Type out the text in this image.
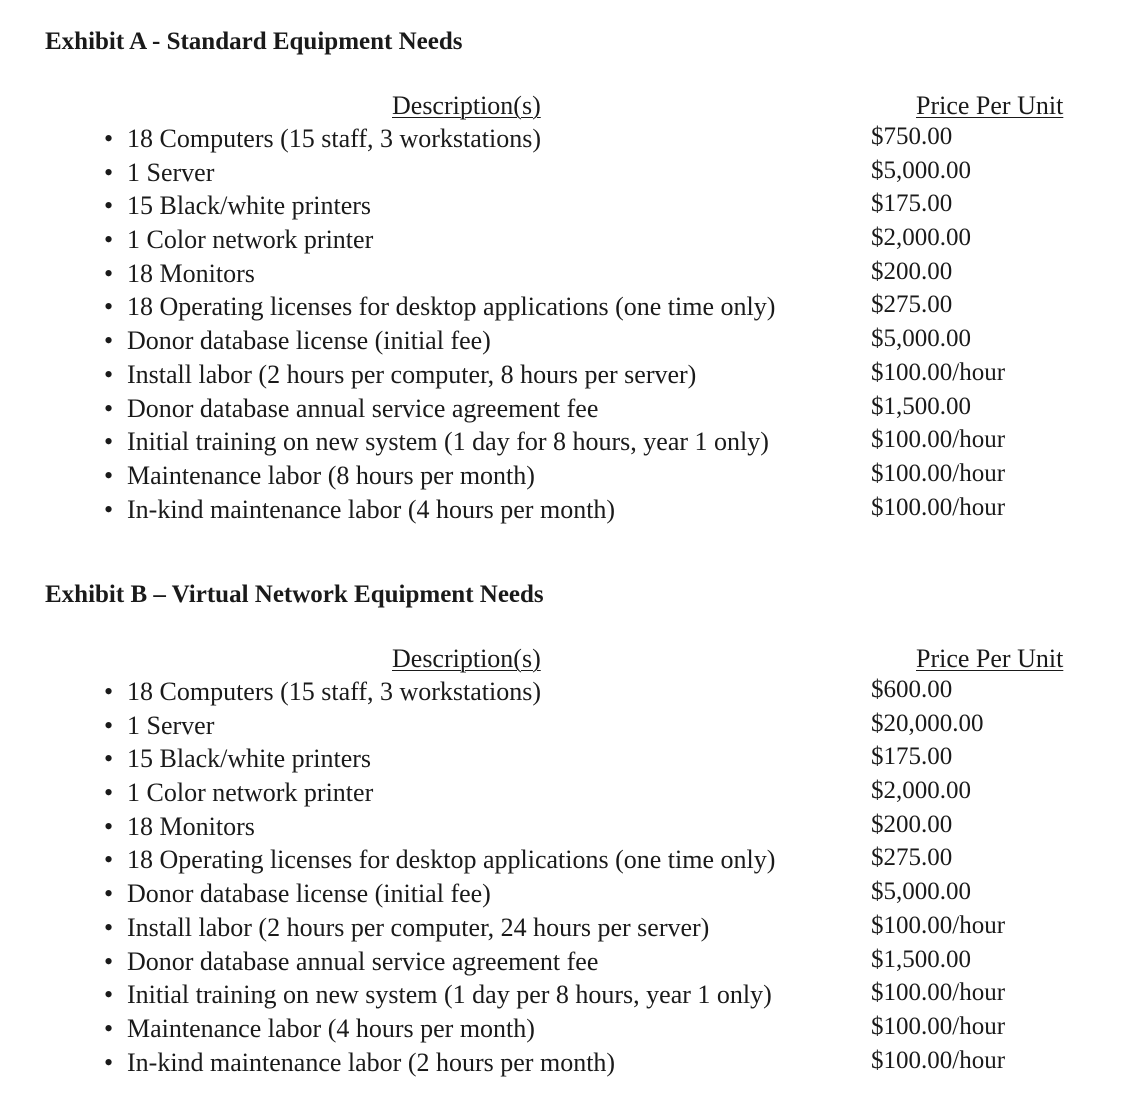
Exhibit A - Standard Equipment Needs
Description(s)	Price Per Unit
• 18 Computers (15 staff, 3 workstations)	$750.00
• 1 Server	$5,000.00
• 15 Black/white printers	$175.00
• 1 Color network printer	$2,000.00
• 18 Monitors	$200.00
• 18 Operating licenses for desktop applications (one time only)	$275.00
• Donor database license (initial fee)	$5,000.00
• Install labor (2 hours per computer, 8 hours per server)	$100.00/hour
• Donor database annual service agreement fee	$1,500.00
• Initial training on new system (1 day for 8 hours, year 1 only)	$100.00/hour
• Maintenance labor (8 hours per month)	$100.00/hour
• In-kind maintenance labor (4 hours per month)	$100.00/hour
Exhibit B – Virtual Network Equipment Needs
Description(s)	Price Per Unit
• 18 Computers (15 staff, 3 workstations)	$600.00
• 1 Server	$20,000.00
• 15 Black/white printers	$175.00
• 1 Color network printer	$2,000.00
• 18 Monitors	$200.00
• 18 Operating licenses for desktop applications (one time only)	$275.00
• Donor database license (initial fee)	$5,000.00
• Install labor (2 hours per computer, 24 hours per server)	$100.00/hour
• Donor database annual service agreement fee	$1,500.00
• Initial training on new system (1 day per 8 hours, year 1 only)	$100.00/hour
• Maintenance labor (4 hours per month)	$100.00/hour
• In-kind maintenance labor (2 hours per month)	$100.00/hour
